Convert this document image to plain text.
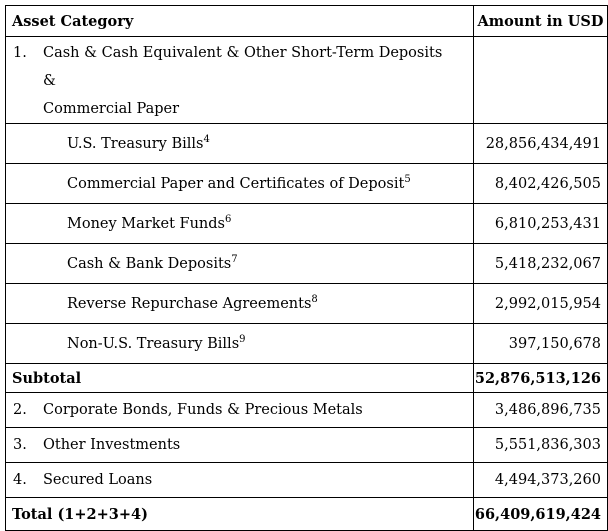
Asset Category	Amount in USD
1. Cash & Cash Equivalent & Other Short-Term Deposits &
Commercial Paper	
U.S. Treasury Bills$^4$	28,856,434,491
Commercial Paper and Certificates of Deposit$^5$	8,402,426,505
Money Market Funds$^6$	6,810,253,431
Cash & Bank Deposits$^7$	5,418,232,067
Reverse Repurchase Agreements$^8$	2,992,015,954
Non-U.S. Treasury Bills$^9$	397,150,678
Subtotal	52,876,513,126
2. Corporate Bonds, Funds & Precious Metals	3,486,896,735
3. Other Investments	5,551,836,303
4. Secured Loans	4,494,373,260
Total (1+2+3+4)	66,409,619,424
